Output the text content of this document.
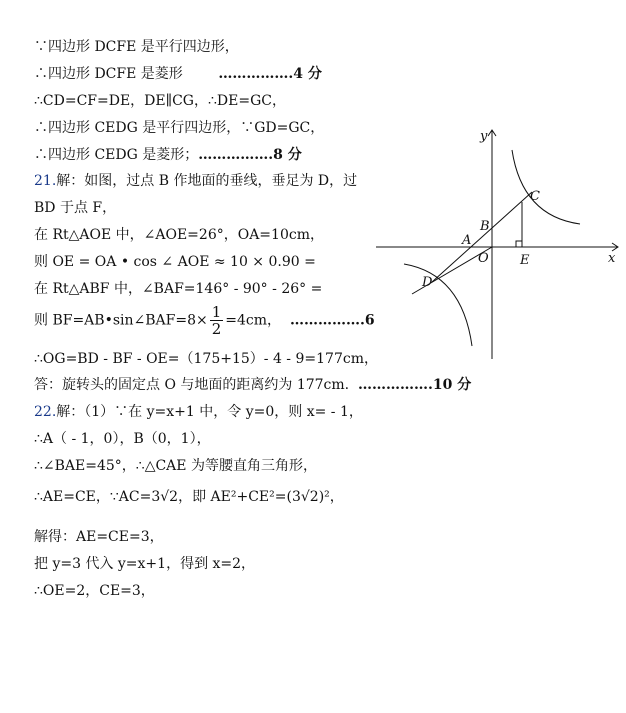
∵四边形 DCFE 是平行四边形，
∴四边形 DCFE 是菱形	…………….4 分
∴CD=CF=DE，DE∥CG，∴DE=GC，
∴四边形 CEDG 是平行四边形，∵GD=GC，
∴四边形 CEDG 是菱形；…………….8 分
21.解：如图，过点 B 作地面的垂线，垂足为 D，过
BD 于点 F，
在 Rt△AOE 中，∠AOE=26°，OA=10cm，
则 OE = OA • cos ∠ AOE ≈ 10 × 0.90 =
在 Rt△ABF 中，∠BAF=146° - 90° - 26° =
则 BF=AB•sin∠BAF=8× $\frac{1}{2} =4cm$， …………….6
∴OG=BD - BF - OE=（175+15）- 4 - 9=177cm，
答：旋转头的固定点 O 与地面的距离约为 177cm. …………….10 分
22.解：（1）∵在 y=x+1 中，令 y=0，则 x= - 1，
∴A（ - 1，0），B（0，1），
∴∠BAE=45°，∴△CAE 为等腰直角三角形，
∴AE=CE，∵AC=3√2，即 AE²+CE²=(3√2)²，
解得：AE=CE=3，
把 y=3 代入 y=x+1，得到 x=2，
∴OE=2，CE=3，
y
x
C
B
A
O E
D
